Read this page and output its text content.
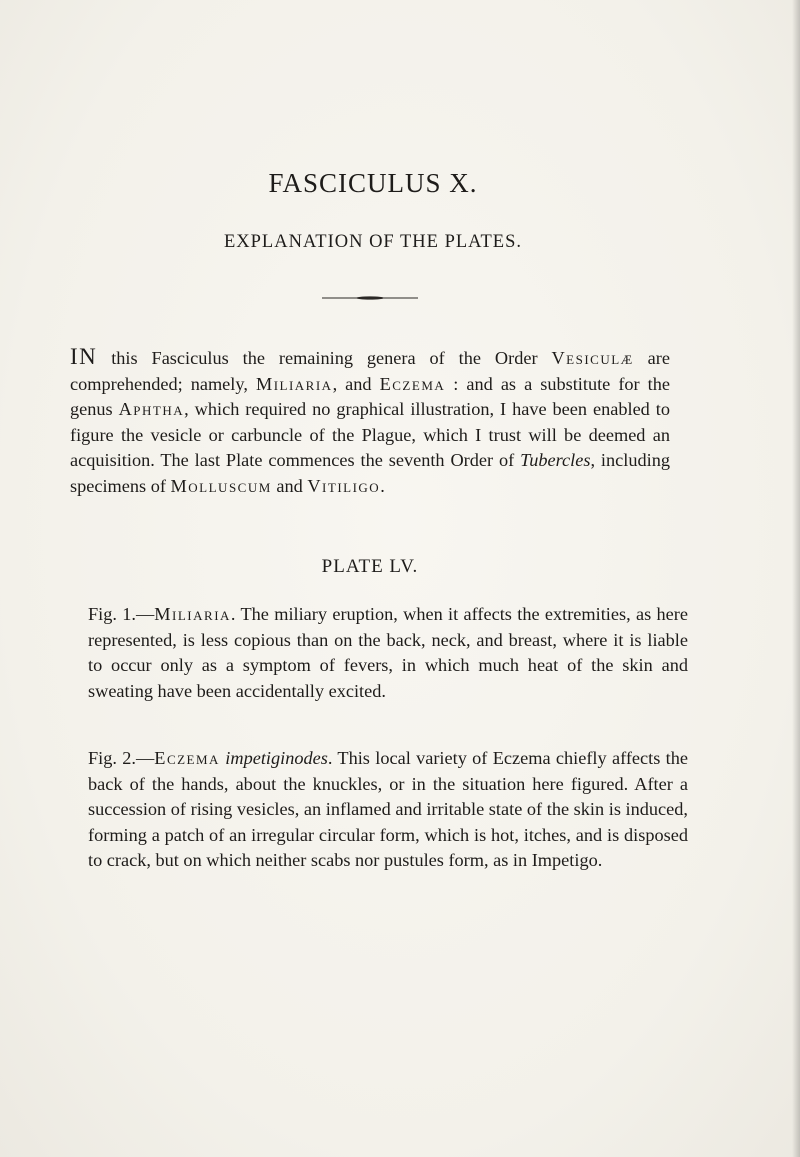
FASCICULUS X.
EXPLANATION OF THE PLATES.

IN this Fasciculus the remaining genera of the Order Vesiculæ are comprehended; namely, Miliaria, and Eczema : and as a substitute for the genus Aphtha, which required no graphical illustration, I have been enabled to figure the vesicle or carbuncle of the Plague, which I trust will be deemed an acquisition. The last Plate commences the seventh Order of Tubercles, including specimens of Molluscum and Vitiligo.

PLATE LV.

Fig. 1.—Miliaria. The miliary eruption, when it affects the extremities, as here represented, is less copious than on the back, neck, and breast, where it is liable to occur only as a symptom of fevers, in which much heat of the skin and sweating have been accidentally excited.

Fig. 2.—Eczema impetiginodes. This local variety of Eczema chiefly affects the back of the hands, about the knuckles, or in the situation here figured. After a succession of rising vesicles, an inflamed and irritable state of the skin is induced, forming a patch of an irregular circular form, which is hot, itches, and is disposed to crack, but on which neither scabs nor pustules form, as in Impetigo.
